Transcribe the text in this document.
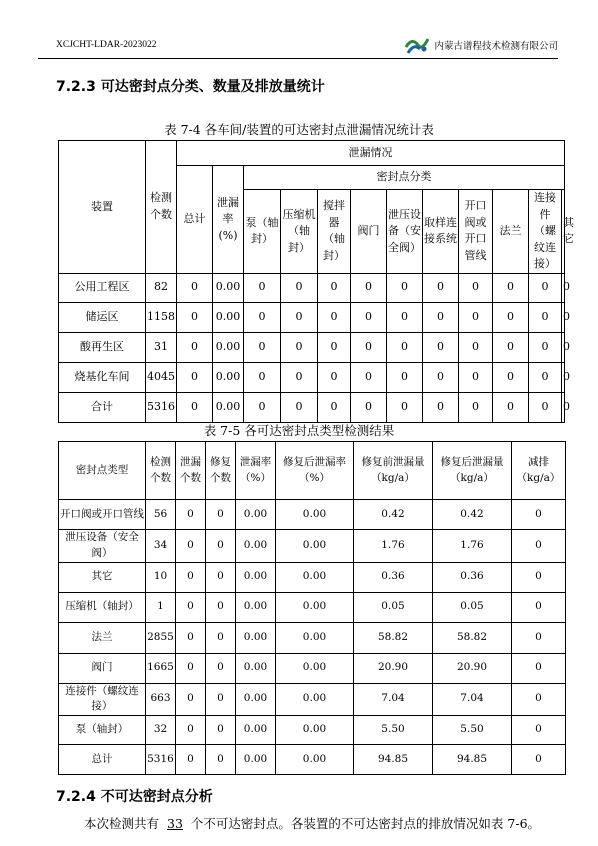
XCJCHT-LDAR-2023022	内蒙古谱程技术检测有限公司
7.2.3 可达密封点分类、数量及排放量统计
表 7-4 各车间/装置的可达密封点泄漏情况统计表
装置	检测个数	泄漏情况											
		总计	泄漏率(%)	密封点分类									
				泵（轴封）	压缩机（轴封）	搅拌器（轴封）	阀门	泄压设备（安全阀）	取样连接系统	开口阀或开口管线	法兰	连接件（螺纹连接）	其它
公用工程区	82	0	0.00	0	0	0	0	0	0	0	0	0	0
储运区	1158	0	0.00	0	0	0	0	0	0	0	0	0	0
酸再生区	31	0	0.00	0	0	0	0	0	0	0	0	0	0
烧基化车间	4045	0	0.00	0	0	0	0	0	0	0	0	0	0
合计	5316	0	0.00	0	0	0	0	0	0	0	0	0	0
表 7-5 各可达密封点类型检测结果
密封点类型	检测个数	泄漏个数	修复个数	泄漏率（%）	修复后泄漏率（%）	修复前泄漏量（kg/a）	修复后泄漏量（kg/a）	减排（kg/a）
开口阀或开口管线	56	0	0	0.00	0.00	0.42	0.42	0
泄压设备（安全阀）	34	0	0	0.00	0.00	1.76	1.76	0
其它	10	0	0	0.00	0.00	0.36	0.36	0
压缩机（轴封）	1	0	0	0.00	0.00	0.05	0.05	0
法兰	2855	0	0	0.00	0.00	58.82	58.82	0
阀门	1665	0	0	0.00	0.00	20.90	20.90	0
连接件（螺纹连接）	663	0	0	0.00	0.00	7.04	7.04	0
泵（轴封）	32	0	0	0.00	0.00	5.50	5.50	0
总计	5316	0	0	0.00	0.00	94.85	94.85	0
7.2.4 不可达密封点分析
本次检测共有 33 个不可达密封点。各装置的不可达密封点的排放情况如表 7-6。
